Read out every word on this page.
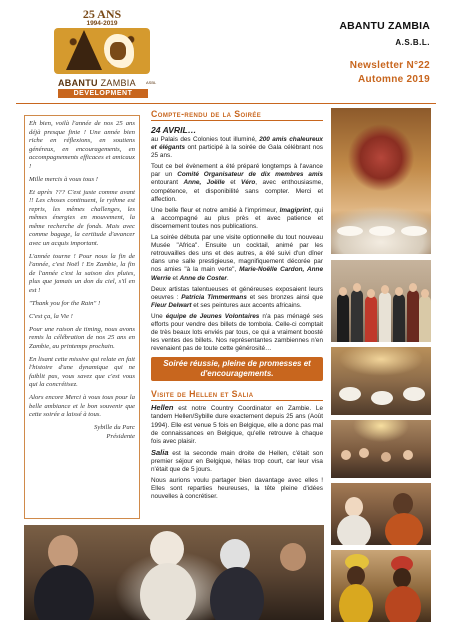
25 ANS
1994-2019
ABANTU ZAMBIA	ASBL
DEVELOPMENT
ABANTU ZAMBIA
A.S.B.L.
Newsletter N°22
Automne 2019

Eh bien, voilà l'année de nos 25 ans déjà presque finie ! Une année bien riche en réflexions, en soutiens généreux, en encouragements, en accompagnements efficaces et amicaux !

Mille mercis à vous tous !

Et après ??? C'est juste comme avant !! Les choses continuent, le rythme est repris, les mêmes challenges, les mêmes énergies en mouvement, la même recherche de fonds. Mais avec comme bagage, la certitude d'avancer avec un acquis important.

L'année tourne ! Pour nous la fin de l'année, c'est Noël ! En Zambie, la fin de l'année c'est la saison des pluies, plus que jamais un don du ciel, s'il en est !

"Thank you for the Rain" !

C'est ça, la Vie !

Pour une raison de timing, nous avons remis la célébration de nos 25 ans en Zambie, au printemps prochain.

En lisant cette missive qui relate en fait l'histoire d'une dynamique qui ne faiblit pas, vous savez que c'est vous qui la concrétisez.

Alors encore Merci à vous tous pour la belle ambiance et le bon souvenir que cette soirée a laissé à tous.

Sybille du Parc
Présidente

Compte-rendu de la Soirée
24 AVRIL…

au Palais des Colonies tout illuminé, 200 amis chaleureux et élégants ont participé à la soirée de Gala célébrant nos 25 ans.

Tout ce bel évènement a été préparé longtemps à l'avance par un Comité Organisateur de dix membres amis entourant Anne, Joëlle et Véro, avec enthousiasme, compétence, et disponibilité sans compter. Merci et affection.

Une belle fleur et notre amitié à l'imprimeur, Imagiprint, qui a accompagné au plus près et avec patience et discernement toutes nos publications.

La soirée débuta par une visite optionnelle du tout nouveau Musée "Africa". Ensuite un cocktail, animé par les retrouvailles des uns et des autres, a été suivi d'un dîner dans une salle prestigieuse, magnifiquement décorée par nos amies "à la main verte", Marie-Noëlle Cardon, Anne Werrie et Anne de Coster.

Deux artistas talentueuses et généreuses exposaient leurs oeuvres : Patricia Timmermans et ses bronzes ainsi que Fleur Delwart et ses peintures aux accents africains.

Une équipe de Jeunes Volontaires n'a pas ménagé ses efforts pour vendre des billets de tombola. Celle-ci comptait de très beaux lots enviés par tous, ce qui a vraiment boosté les ventes des billets. Nos représentantes zambiennes n'en revenaient pas de toute cette générosité…

Soirée réussie, pleine de promesses et d'encouragements.
Visite de Hellen et Salia

Hellen est notre Country Coordinator en Zambie. Le tandem Hellen/Sybille dure exactement depuis 25 ans (Août 1994). Elle est venue 5 fois en Belgique, elle a donc pas mal de connaissances en Belgique, qu'elle retrouve à chaque fois avec plaisir.

Salia est la seconde main droite de Hellen, c'était son premier séjour en Belgique, hélas trop court, car leur visa n'était que de 5 jours.

Nous aurions voulu partager bien davantage avec elles ! Elles sont reparties heureuses, la tête pleine d'idées nouvelles à concrétiser.
